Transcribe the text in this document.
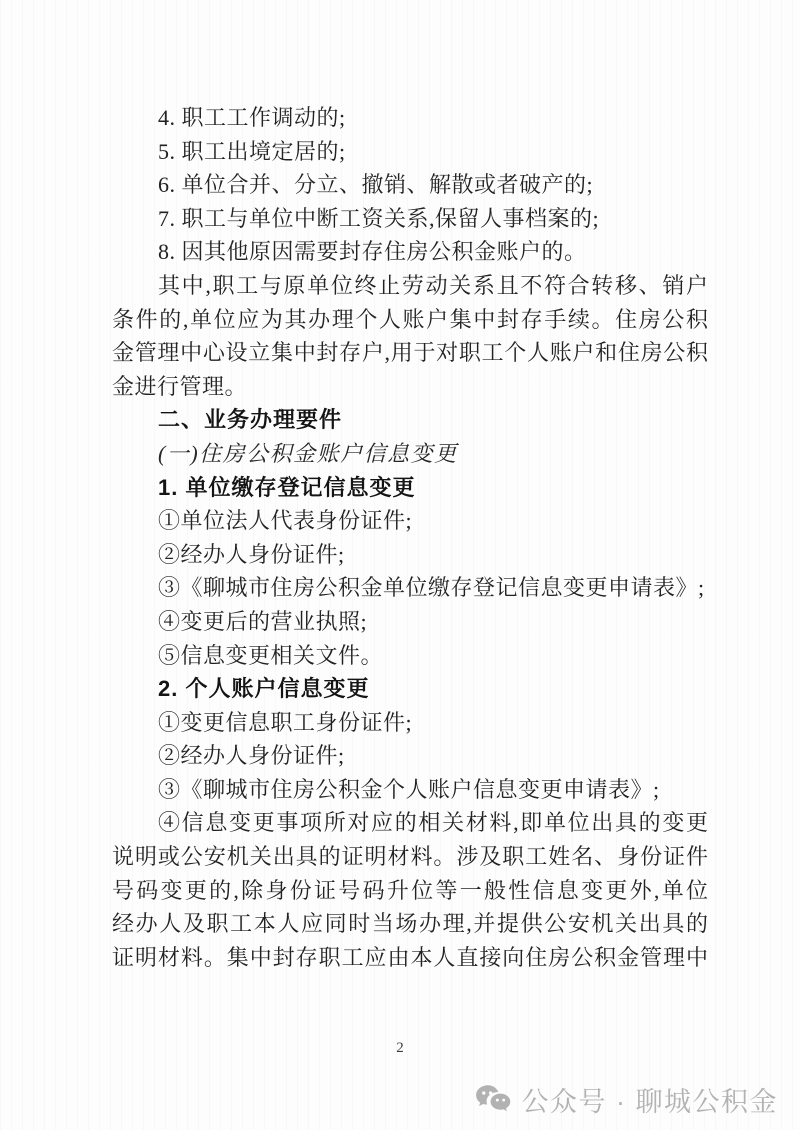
4. 职工工作调动的;
5. 职工出境定居的;
6. 单位合并、分立、撤销、解散或者破产的;
7. 职工与单位中断工资关系,保留人事档案的;
8. 因其他原因需要封存住房公积金账户的。
其中,职工与原单位终止劳动关系且不符合转移、销户
条件的,单位应为其办理个人账户集中封存手续。住房公积
金管理中心设立集中封存户,用于对职工个人账户和住房公积
金进行管理。
二、业务办理要件
(一)住房公积金账户信息变更
1. 单位缴存登记信息变更
①单位法人代表身份证件;
②经办人身份证件;
③《聊城市住房公积金单位缴存登记信息变更申请表》;
④变更后的营业执照;
⑤信息变更相关文件。
2. 个人账户信息变更
①变更信息职工身份证件;
②经办人身份证件;
③《聊城市住房公积金个人账户信息变更申请表》;
④信息变更事项所对应的相关材料,即单位出具的变更
说明或公安机关出具的证明材料。涉及职工姓名、身份证件
号码变更的,除身份证号码升位等一般性信息变更外,单位
经办人及职工本人应同时当场办理,并提供公安机关出具的
证明材料。集中封存职工应由本人直接向住房公积金管理中
2
公众号 · 聊城公积金
